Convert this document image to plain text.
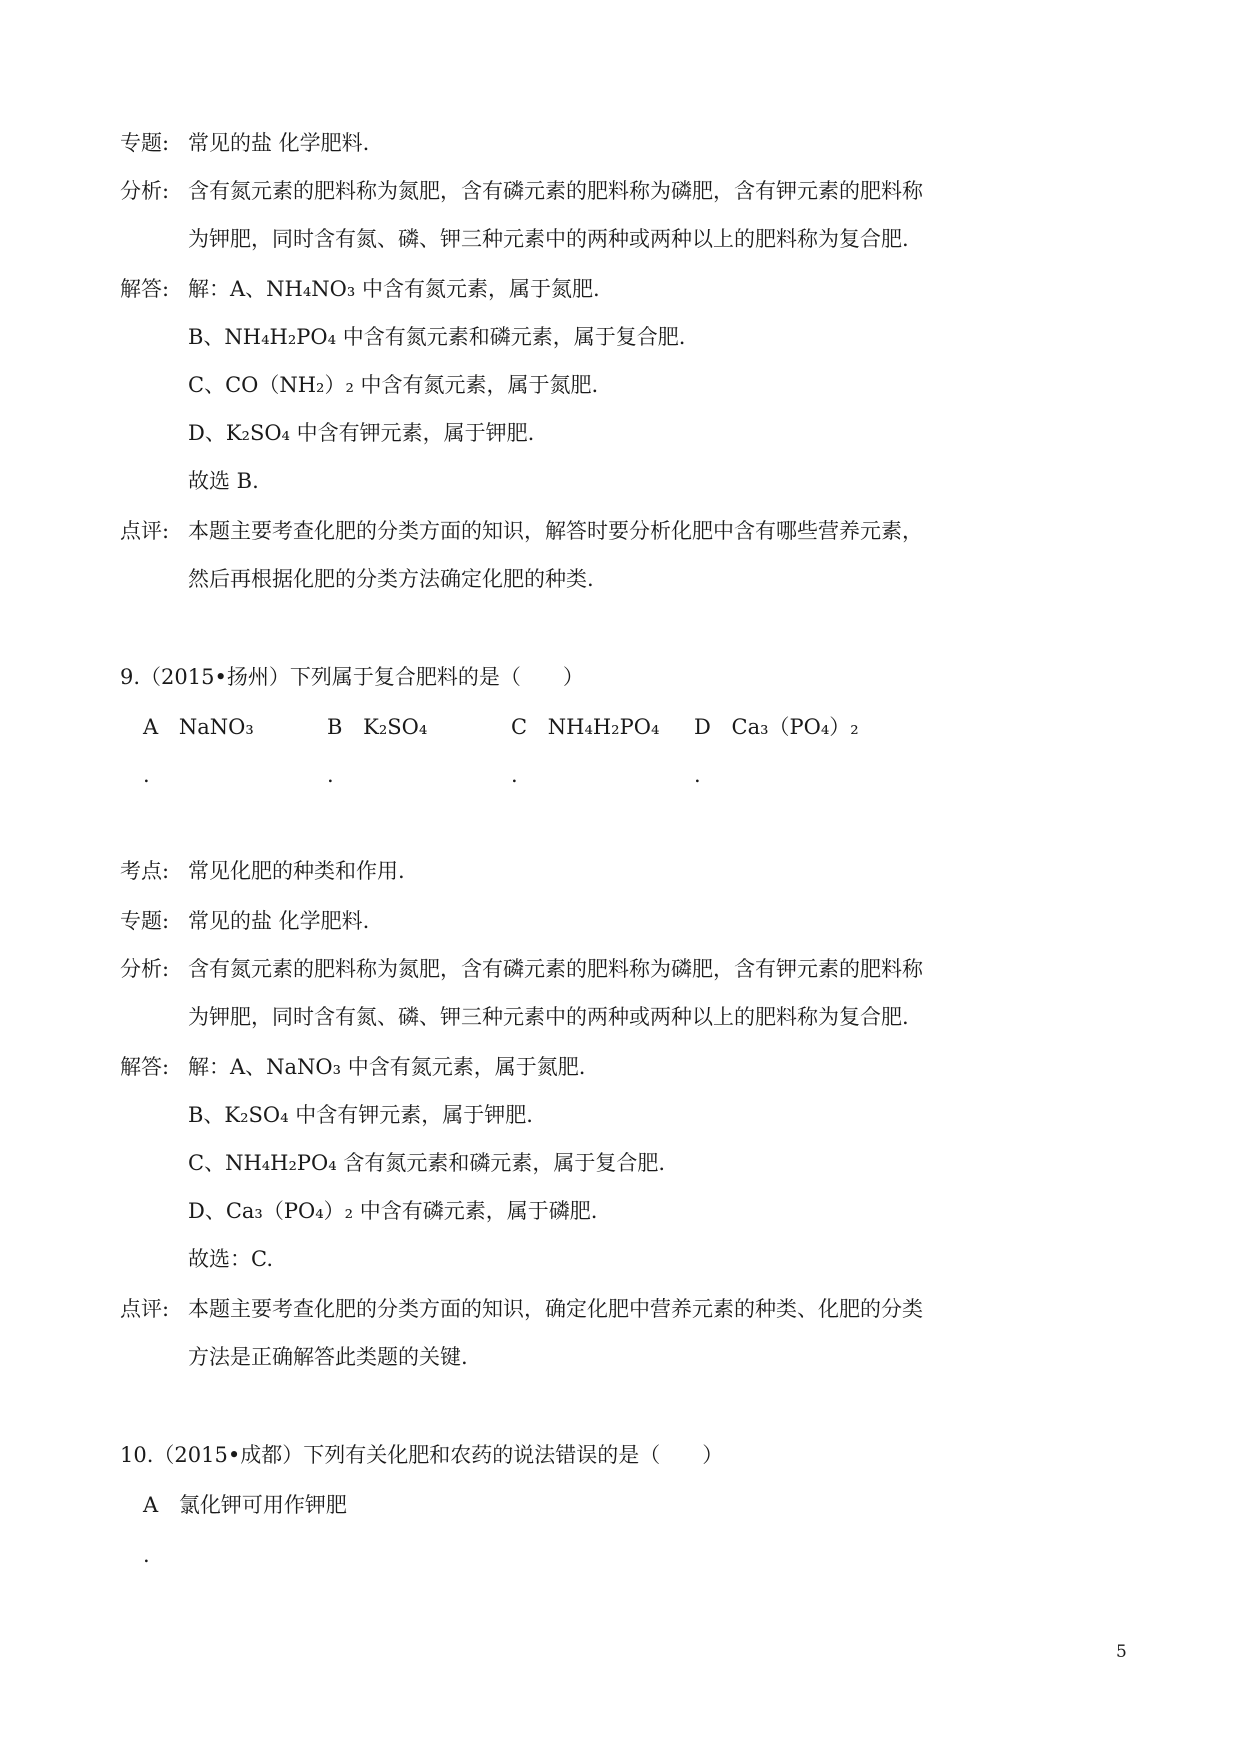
专题: 常见的盐 化学肥料.
分析: 含有氮元素的肥料称为氮肥，含有磷元素的肥料称为磷肥，含有钾元素的肥料称
为钾肥，同时含有氮、磷、钾三种元素中的两种或两种以上的肥料称为复合肥.
解答: 解：A、NH₄NO₃ 中含有氮元素，属于氮肥.
B、NH₄H₂PO₄ 中含有氮元素和磷元素，属于复合肥.
C、CO（NH₂）₂ 中含有氮元素，属于氮肥.
D、K₂SO₄ 中含有钾元素，属于钾肥.
故选 B.
点评: 本题主要考查化肥的分类方面的知识，解答时要分析化肥中含有哪些营养元素，
然后再根据化肥的分类方法确定化肥的种类.
9.（2015•扬州）下列属于复合肥料的是（　　）
A NaNO₃	B K₂SO₄	C NH₄H₂PO₄ D Ca₃（PO₄）₂
.	.	.	.
考点: 常见化肥的种类和作用.
专题: 常见的盐 化学肥料.
分析: 含有氮元素的肥料称为氮肥，含有磷元素的肥料称为磷肥，含有钾元素的肥料称
为钾肥，同时含有氮、磷、钾三种元素中的两种或两种以上的肥料称为复合肥.
解答: 解：A、NaNO₃ 中含有氮元素，属于氮肥.
B、K₂SO₄ 中含有钾元素，属于钾肥.
C、NH₄H₂PO₄ 含有氮元素和磷元素，属于复合肥.
D、Ca₃（PO₄）₂ 中含有磷元素，属于磷肥.
故选：C.
点评: 本题主要考查化肥的分类方面的知识，确定化肥中营养元素的种类、化肥的分类
方法是正确解答此类题的关键.
10.（2015•成都）下列有关化肥和农药的说法错误的是（　　）
A 氯化钾可用作钾肥
.
5
